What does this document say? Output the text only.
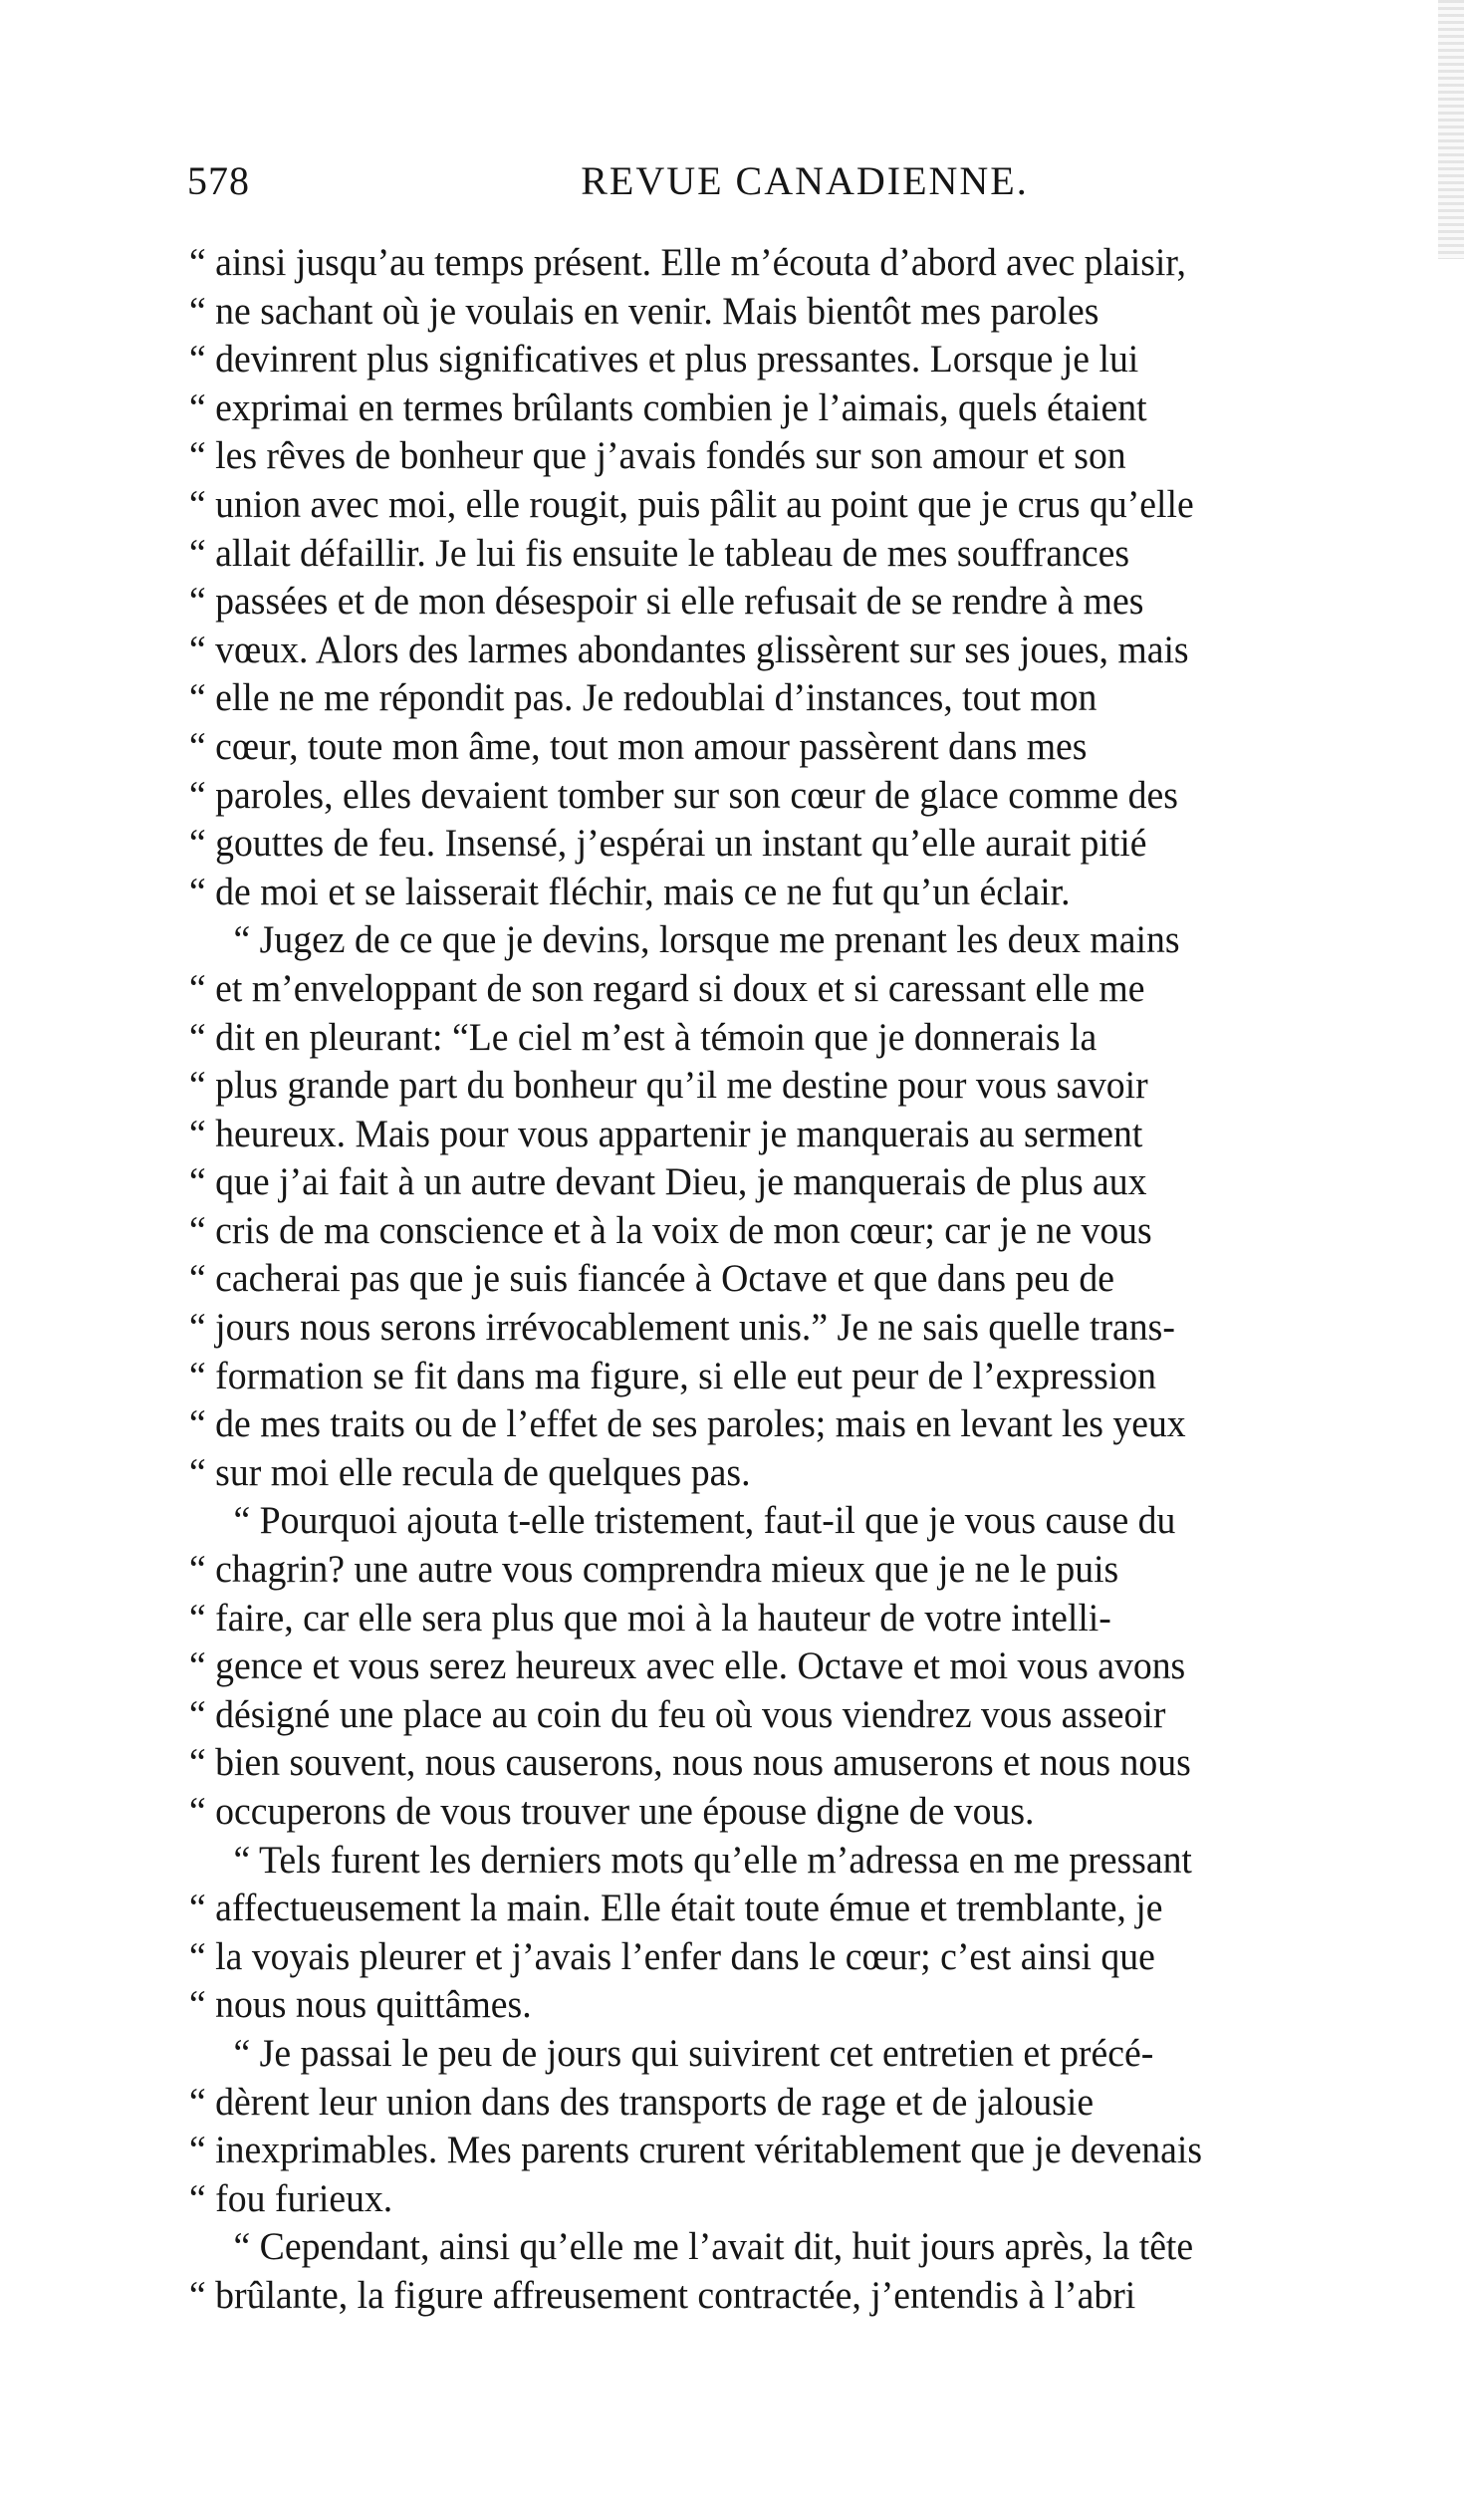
578	REVUE CANADIENNE.
“ ainsi jusqu’au temps présent. Elle m’écouta d’abord avec plaisir,
“ ne sachant où je voulais en venir. Mais bientôt mes paroles
“ devinrent plus significatives et plus pressantes. Lorsque je lui
“ exprimai en termes brûlants combien je l’aimais, quels étaient
“ les rêves de bonheur que j’avais fondés sur son amour et son
“ union avec moi, elle rougit, puis pâlit au point que je crus qu’elle
“ allait défaillir. Je lui fis ensuite le tableau de mes souffrances
“ passées et de mon désespoir si elle refusait de se rendre à mes
“ vœux. Alors des larmes abondantes glissèrent sur ses joues, mais
“ elle ne me répondit pas. Je redoublai d’instances, tout mon
“ cœur, toute mon âme, tout mon amour passèrent dans mes
“ paroles, elles devaient tomber sur son cœur de glace comme des
“ gouttes de feu. Insensé, j’espérai un instant qu’elle aurait pitié
“ de moi et se laisserait fléchir, mais ce ne fut qu’un éclair.
“ Jugez de ce que je devins, lorsque me prenant les deux mains
“ et m’enveloppant de son regard si doux et si caressant elle me
“ dit en pleurant: “Le ciel m’est à témoin que je donnerais la
“ plus grande part du bonheur qu’il me destine pour vous savoir
“ heureux. Mais pour vous appartenir je manquerais au serment
“ que j’ai fait à un autre devant Dieu, je manquerais de plus aux
“ cris de ma conscience et à la voix de mon cœur; car je ne vous
“ cacherai pas que je suis fiancée à Octave et que dans peu de
“ jours nous serons irrévocablement unis.” Je ne sais quelle trans-
“ formation se fit dans ma figure, si elle eut peur de l’expression
“ de mes traits ou de l’effet de ses paroles; mais en levant les yeux
“ sur moi elle recula de quelques pas.
“ Pourquoi ajouta t-elle tristement, faut-il que je vous cause du
“ chagrin? une autre vous comprendra mieux que je ne le puis
“ faire, car elle sera plus que moi à la hauteur de votre intelli-
“ gence et vous serez heureux avec elle. Octave et moi vous avons
“ désigné une place au coin du feu où vous viendrez vous asseoir
“ bien souvent, nous causerons, nous nous amuserons et nous nous
“ occuperons de vous trouver une épouse digne de vous.
“ Tels furent les derniers mots qu’elle m’adressa en me pressant
“ affectueusement la main. Elle était toute émue et tremblante, je
“ la voyais pleurer et j’avais l’enfer dans le cœur; c’est ainsi que
“ nous nous quittâmes.
“ Je passai le peu de jours qui suivirent cet entretien et précé-
“ dèrent leur union dans des transports de rage et de jalousie
“ inexprimables. Mes parents crurent véritablement que je devenais
“ fou furieux.
“ Cependant, ainsi qu’elle me l’avait dit, huit jours après, la tête
“ brûlante, la figure affreusement contractée, j’entendis à l’abri
